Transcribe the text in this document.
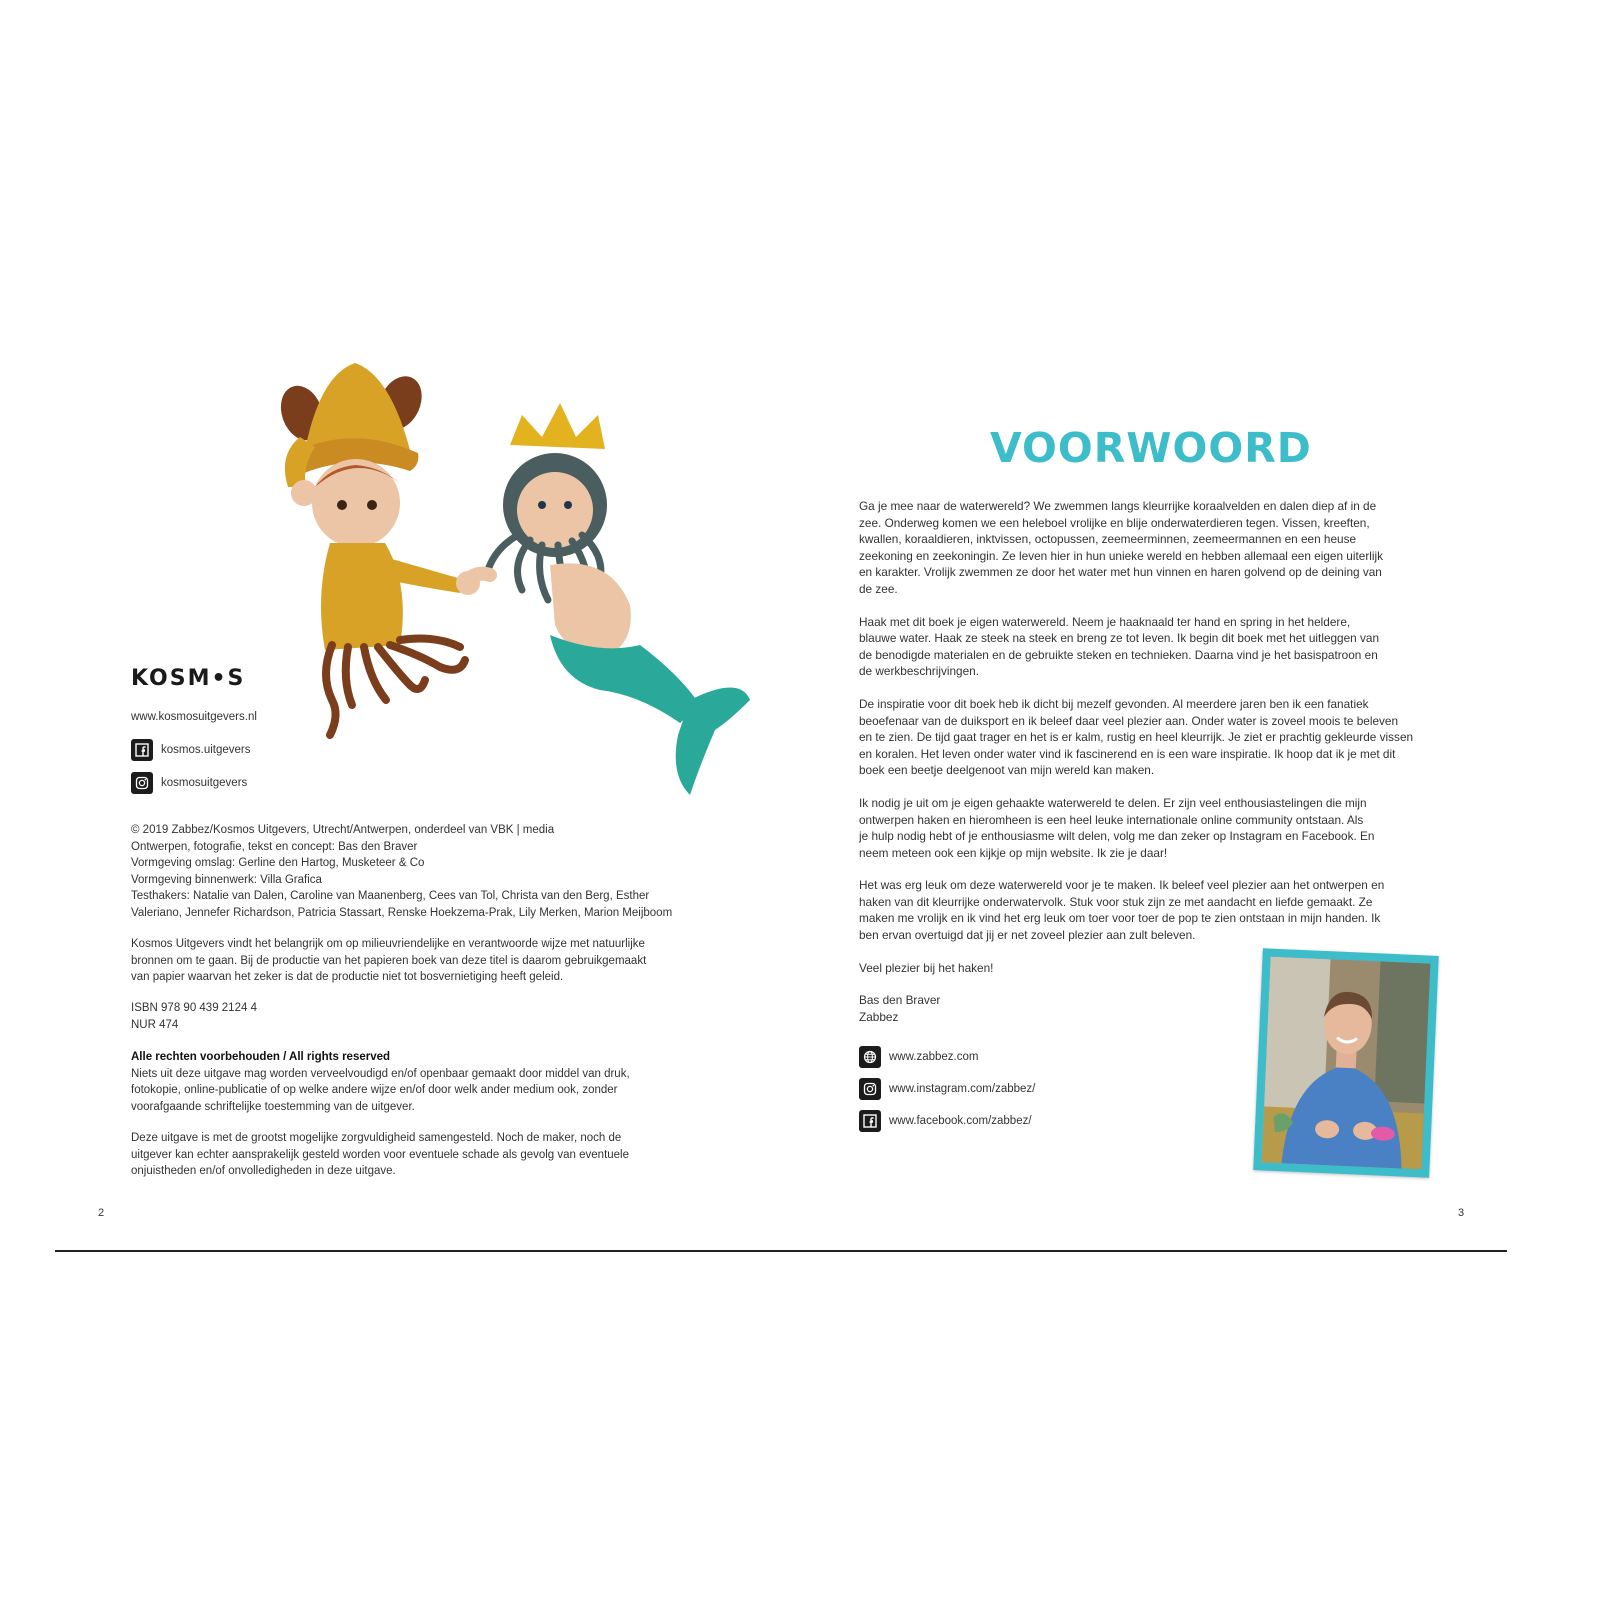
KOSM•S
www.kosmosuitgevers.nl
kosmos.uitgevers
kosmosuitgevers
© 2019 Zabbez/Kosmos Uitgevers, Utrecht/Antwerpen, onderdeel van VBK | media
Ontwerpen, fotografie, tekst en concept: Bas den Braver
Vormgeving omslag: Gerline den Hartog, Musketeer & Co
Vormgeving binnenwerk: Villa Grafica
Testhakers: Natalie van Dalen, Caroline van Maanenberg, Cees van Tol, Christa van den Berg, Esther
Valeriano, Jennefer Richardson, Patricia Stassart, Renske Hoekzema-Prak, Lily Merken, Marion Meijboom
Kosmos Uitgevers vindt het belangrijk om op milieuvriendelijke en verantwoorde wijze met natuurlijke
bronnen om te gaan. Bij de productie van het papieren boek van deze titel is daarom gebruikgemaakt
van papier waarvan het zeker is dat de productie niet tot bosvernietiging heeft geleid.
ISBN 978 90 439 2124 4
NUR 474
Alle rechten voorbehouden / All rights reserved
Niets uit deze uitgave mag worden verveelvoudigd en/of openbaar gemaakt door middel van druk,
fotokopie, online-publicatie of op welke andere wijze en/of door welk ander medium ook, zonder
voorafgaande schriftelijke toestemming van de uitgever.
Deze uitgave is met de grootst mogelijke zorgvuldigheid samengesteld. Noch de maker, noch de
uitgever kan echter aansprakelijk gesteld worden voor eventuele schade als gevolg van eventuele
onjuistheden en/of onvolledigheden in deze uitgave.
2
VOORWOORD
Ga je mee naar de waterwereld? We zwemmen langs kleurrijke koraalvelden en dalen diep af in de
zee. Onderweg komen we een heleboel vrolijke en blije onderwaterdieren tegen. Vissen, kreeften,
kwallen, koraaldieren, inktvissen, octopussen, zeemeerminnen, zeemeermannen en een heuse
zeekoning en zeekoningin. Ze leven hier in hun unieke wereld en hebben allemaal een eigen uiterlijk
en karakter. Vrolijk zwemmen ze door het water met hun vinnen en haren golvend op de deining van
de zee.
Haak met dit boek je eigen waterwereld. Neem je haaknaald ter hand en spring in het heldere,
blauwe water. Haak ze steek na steek en breng ze tot leven. Ik begin dit boek met het uitleggen van
de benodigde materialen en de gebruikte steken en technieken. Daarna vind je het basispatroon en
de werkbeschrijvingen.
De inspiratie voor dit boek heb ik dicht bij mezelf gevonden. Al meerdere jaren ben ik een fanatiek
beoefenaar van de duiksport en ik beleef daar veel plezier aan. Onder water is zoveel moois te beleven
en te zien. De tijd gaat trager en het is er kalm, rustig en heel kleurrijk. Je ziet er prachtig gekleurde vissen
en koralen. Het leven onder water vind ik fascinerend en is een ware inspiratie. Ik hoop dat ik je met dit
boek een beetje deelgenoot van mijn wereld kan maken.
Ik nodig je uit om je eigen gehaakte waterwereld te delen. Er zijn veel enthousiastelingen die mijn
ontwerpen haken en hieromheen is een heel leuke internationale online community ontstaan. Als
je hulp nodig hebt of je enthousiasme wilt delen, volg me dan zeker op Instagram en Facebook. En
neem meteen ook een kijkje op mijn website. Ik zie je daar!
Het was erg leuk om deze waterwereld voor je te maken. Ik beleef veel plezier aan het ontwerpen en
haken van dit kleurrijke onderwatervolk. Stuk voor stuk zijn ze met aandacht en liefde gemaakt. Ze
maken me vrolijk en ik vind het erg leuk om toer voor toer de pop te zien ontstaan in mijn handen. Ik
ben ervan overtuigd dat jij er net zoveel plezier aan zult beleven.
Veel plezier bij het haken!
Bas den Braver
Zabbez
www.zabbez.com
www.instagram.com/zabbez/
www.facebook.com/zabbez/
3
